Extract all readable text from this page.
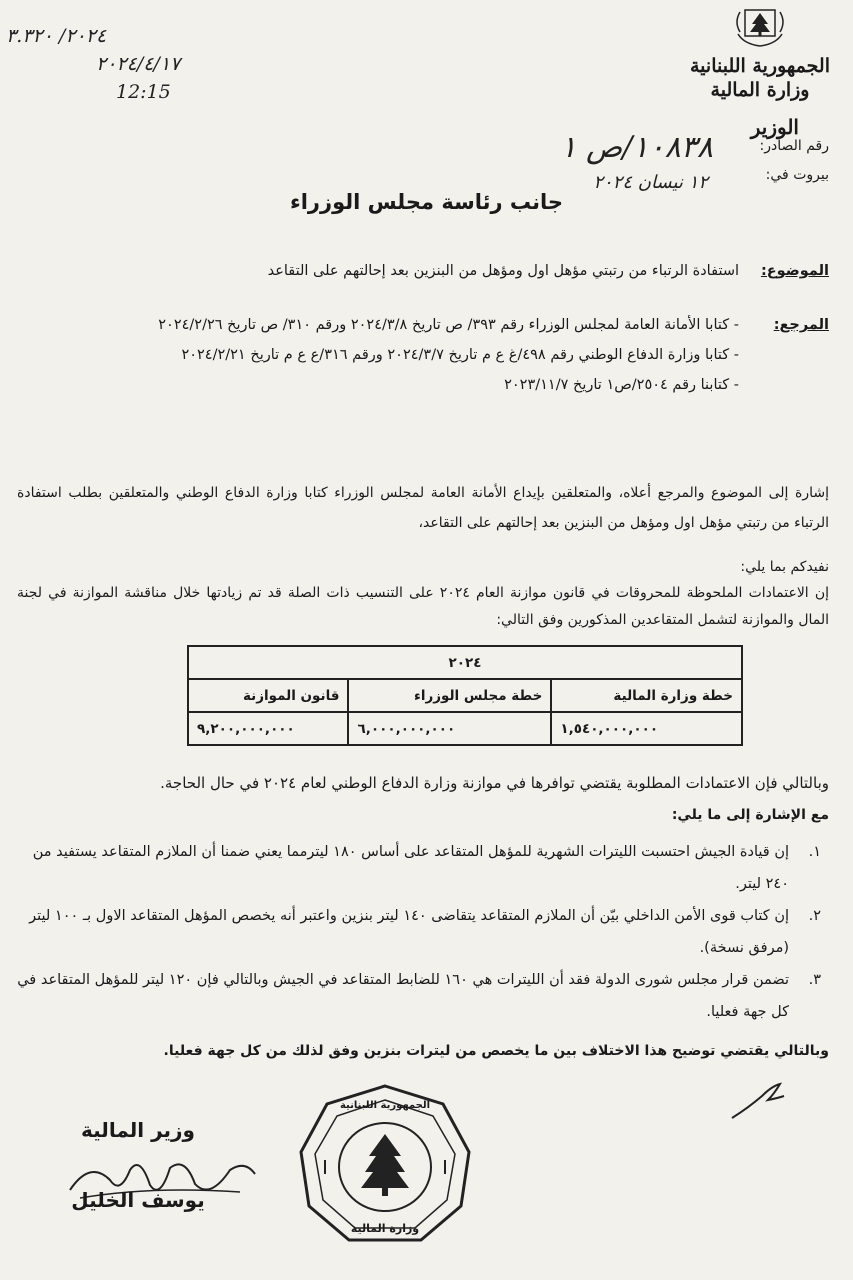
٢٠٢٤/ ٣.٣٢٠
٢٠٢٤/٤/١٧
12:15
الجمهورية اللبنانية
وزارة المالية
الوزير
رقم الصادر:
بيروت في:
١٠٨٣٨/ص ١
١٢ نيسان ٢٠٢٤
جانب رئاسة مجلس الوزراء
الموضوع:
استفادة الرتباء من رتبتي مؤهل اول ومؤهل من البنزين بعد إحالتهم على التقاعد
المرجع:
- كتابا الأمانة العامة لمجلس الوزراء رقم ٣٩٣/ ص تاريخ ٢٠٢٤/٣/٨ ورقم ٣١٠/ ص تاريخ ٢٠٢٤/٢/٢٦
- كتابا وزارة الدفاع الوطني رقم ٤٩٨/غ ع م تاريخ ٢٠٢٤/٣/٧ ورقم ٣١٦/ع ع م تاريخ ٢٠٢٤/٢/٢١
- كتابنا رقم ٢٥٠٤/ص١ تاريخ ٢٠٢٣/١١/٧
إشارة إلى الموضوع والمرجع أعلاه، والمتعلقين بإيداع الأمانة العامة لمجلس الوزراء كتابا وزارة الدفاع الوطني والمتعلقين بطلب استفادة الرتباء من رتبتي مؤهل اول ومؤهل من البنزين بعد إحالتهم على التقاعد،
نفيدكم بما يلي:
إن الاعتمادات الملحوظة للمحروقات في قانون موازنة العام ٢٠٢٤ على التنسيب ذات الصلة قد تم زيادتها خلال مناقشة الموازنة في لجنة المال والموازنة لتشمل المتقاعدين المذكورين وفق التالي:
٢٠٢٤		
خطة وزارة المالية	خطة مجلس الوزراء	قانون الموازنة
١,٥٤٠,٠٠٠,٠٠٠	٦,٠٠٠,٠٠٠,٠٠٠	٩,٢٠٠,٠٠٠,٠٠٠
وبالتالي فإن الاعتمادات المطلوبة يقتضي توافرها في موازنة وزارة الدفاع الوطني لعام ٢٠٢٤ في حال الحاجة.
مع الإشارة إلى ما يلي:
١.
إن قيادة الجيش احتسبت الليترات الشهرية للمؤهل المتقاعد على أساس ١٨٠ ليترمما يعني ضمنا أن الملازم المتقاعد يستفيد من ٢٤٠ ليتر.
٢.
إن كتاب قوى الأمن الداخلي بيّن أن الملازم المتقاعد يتقاضى ١٤٠ ليتر بنزين واعتبر أنه يخصص المؤهل المتقاعد الاول بـ ١٠٠ ليتر (مرفق نسخة).
٣.
تضمن قرار مجلس شورى الدولة فقد أن الليترات هي ١٦٠ للضابط المتقاعد في الجيش وبالتالي فإن ١٢٠ ليتر للمؤهل المتقاعد في كل جهة فعليا.
وبالتالي يقتضي توضيح هذا الاختلاف بين ما يخصص من ليترات بنزين وفق لذلك من كل جهة فعليا.
الجمهورية اللبنانية
وزارة المالية
وزير المالية
يوسف الخليل
